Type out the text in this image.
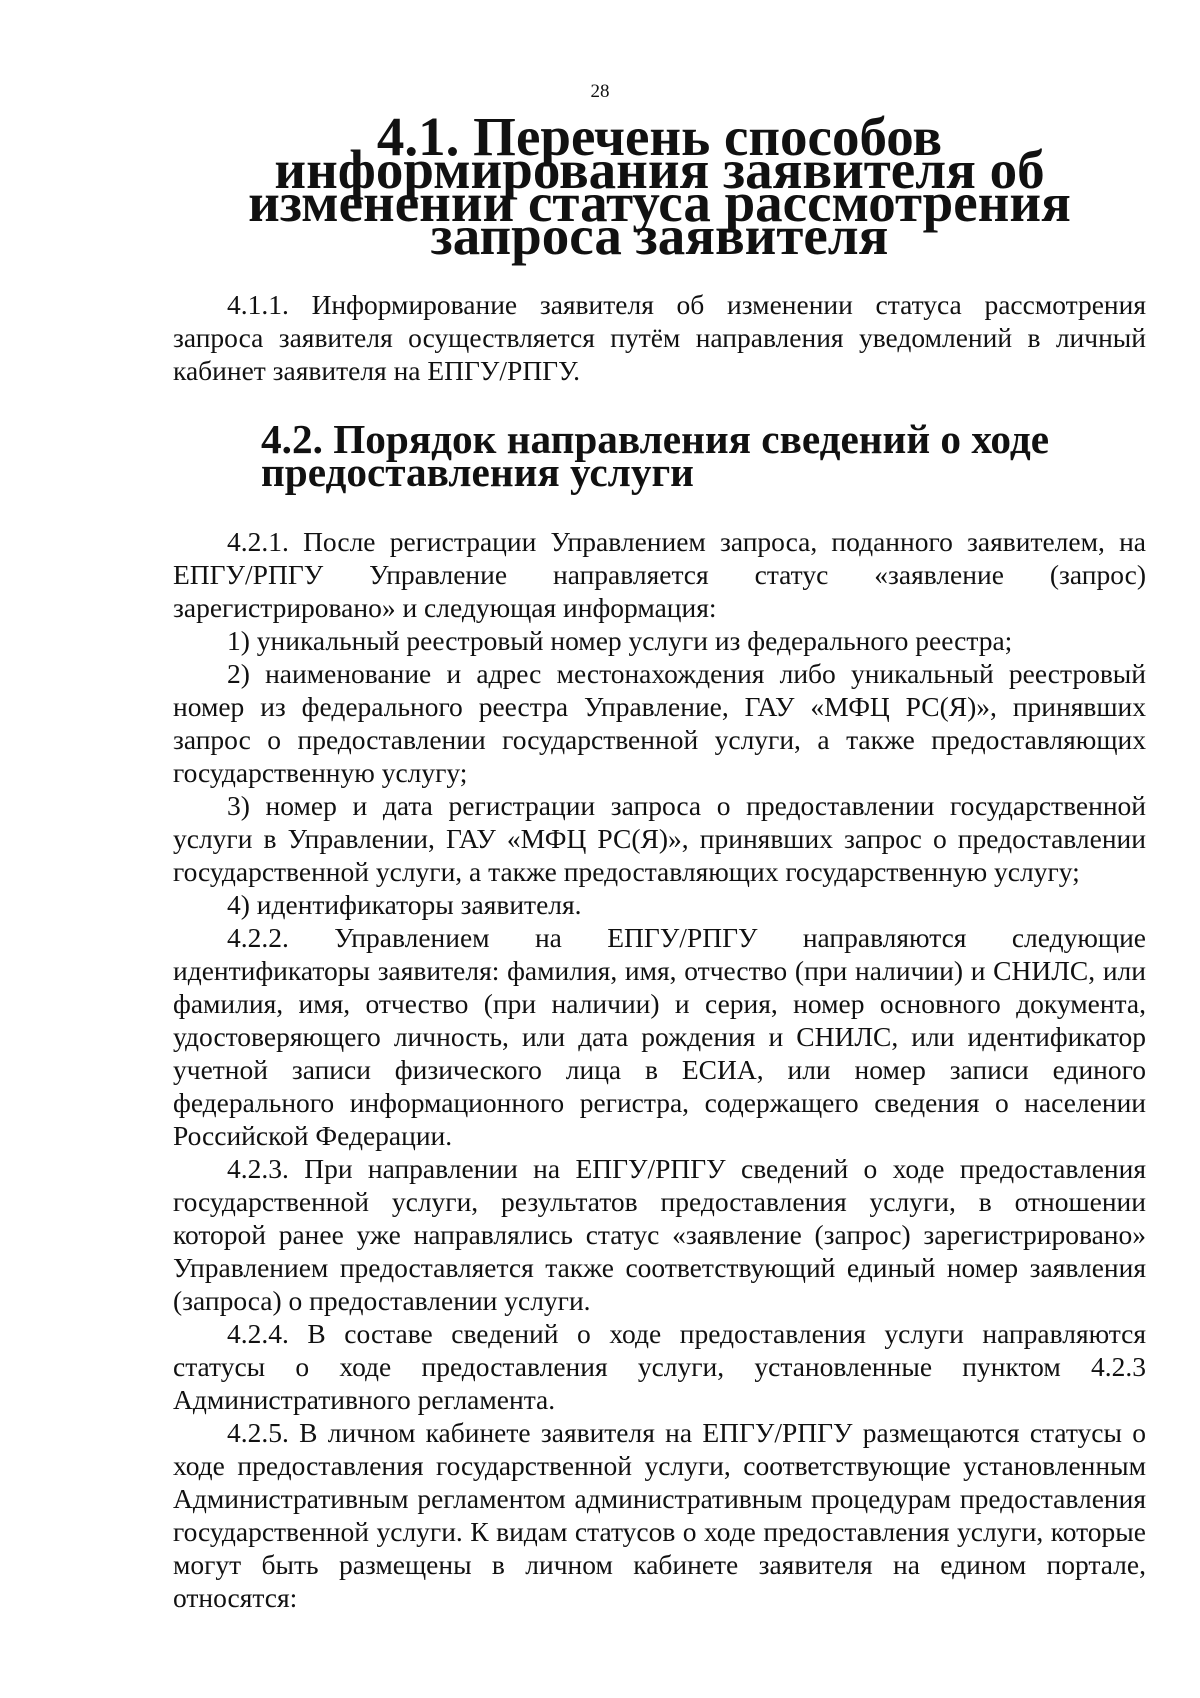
28
4.1. Перечень способов информирования заявителя об изменении статуса рассмотрения запроса заявителя

4.1.1. Информирование заявителя об изменении статуса рассмотрения запроса заявителя осуществляется путём направления уведомлений в личный кабинет заявителя на ЕПГУ/РПГУ.

4.2. Порядок направления сведений о ходе предоставления услуги

4.2.1. После регистрации Управлением запроса, поданного заявителем, на ЕПГУ/РПГУ Управление направляется статус «заявление (запрос) зарегистрировано» и следующая информация:

1) уникальный реестровый номер услуги из федерального реестра;

2) наименование и адрес местонахождения либо уникальный реестровый номер из федерального реестра Управление, ГАУ «МФЦ РС(Я)», принявших запрос о предоставлении государственной услуги, а также предоставляющих государственную услугу;

3) номер и дата регистрации запроса о предоставлении государственной услуги в Управлении, ГАУ «МФЦ РС(Я)», принявших запрос о предоставлении государственной услуги, а также предоставляющих государственную услугу;

4) идентификаторы заявителя.

4.2.2. Управлением на ЕПГУ/РПГУ направляются следующие идентификаторы заявителя: фамилия, имя, отчество (при наличии) и СНИЛС, или фамилия, имя, отчество (при наличии) и серия, номер основного документа, удостоверяющего личность, или дата рождения и СНИЛС, или идентификатор учетной записи физического лица в ЕСИА, или номер записи единого федерального информационного регистра, содержащего сведения о населении Российской Федерации.

4.2.3. При направлении на ЕПГУ/РПГУ сведений о ходе предоставления государственной услуги, результатов предоставления услуги, в отношении которой ранее уже направлялись статус «заявление (запрос) зарегистрировано» Управлением предоставляется также соответствующий единый номер заявления (запроса) о предоставлении услуги.

4.2.4. В составе сведений о ходе предоставления услуги направляются статусы о ходе предоставления услуги, установленные пунктом 4.2.3 Административного регламента.

4.2.5. В личном кабинете заявителя на ЕПГУ/РПГУ размещаются статусы о ходе предоставления государственной услуги, соответствующие установленным Административным регламентом административным процедурам предоставления государственной услуги. К видам статусов о ходе предоставления услуги, которые могут быть размещены в личном кабинете заявителя на едином портале, относятся:
